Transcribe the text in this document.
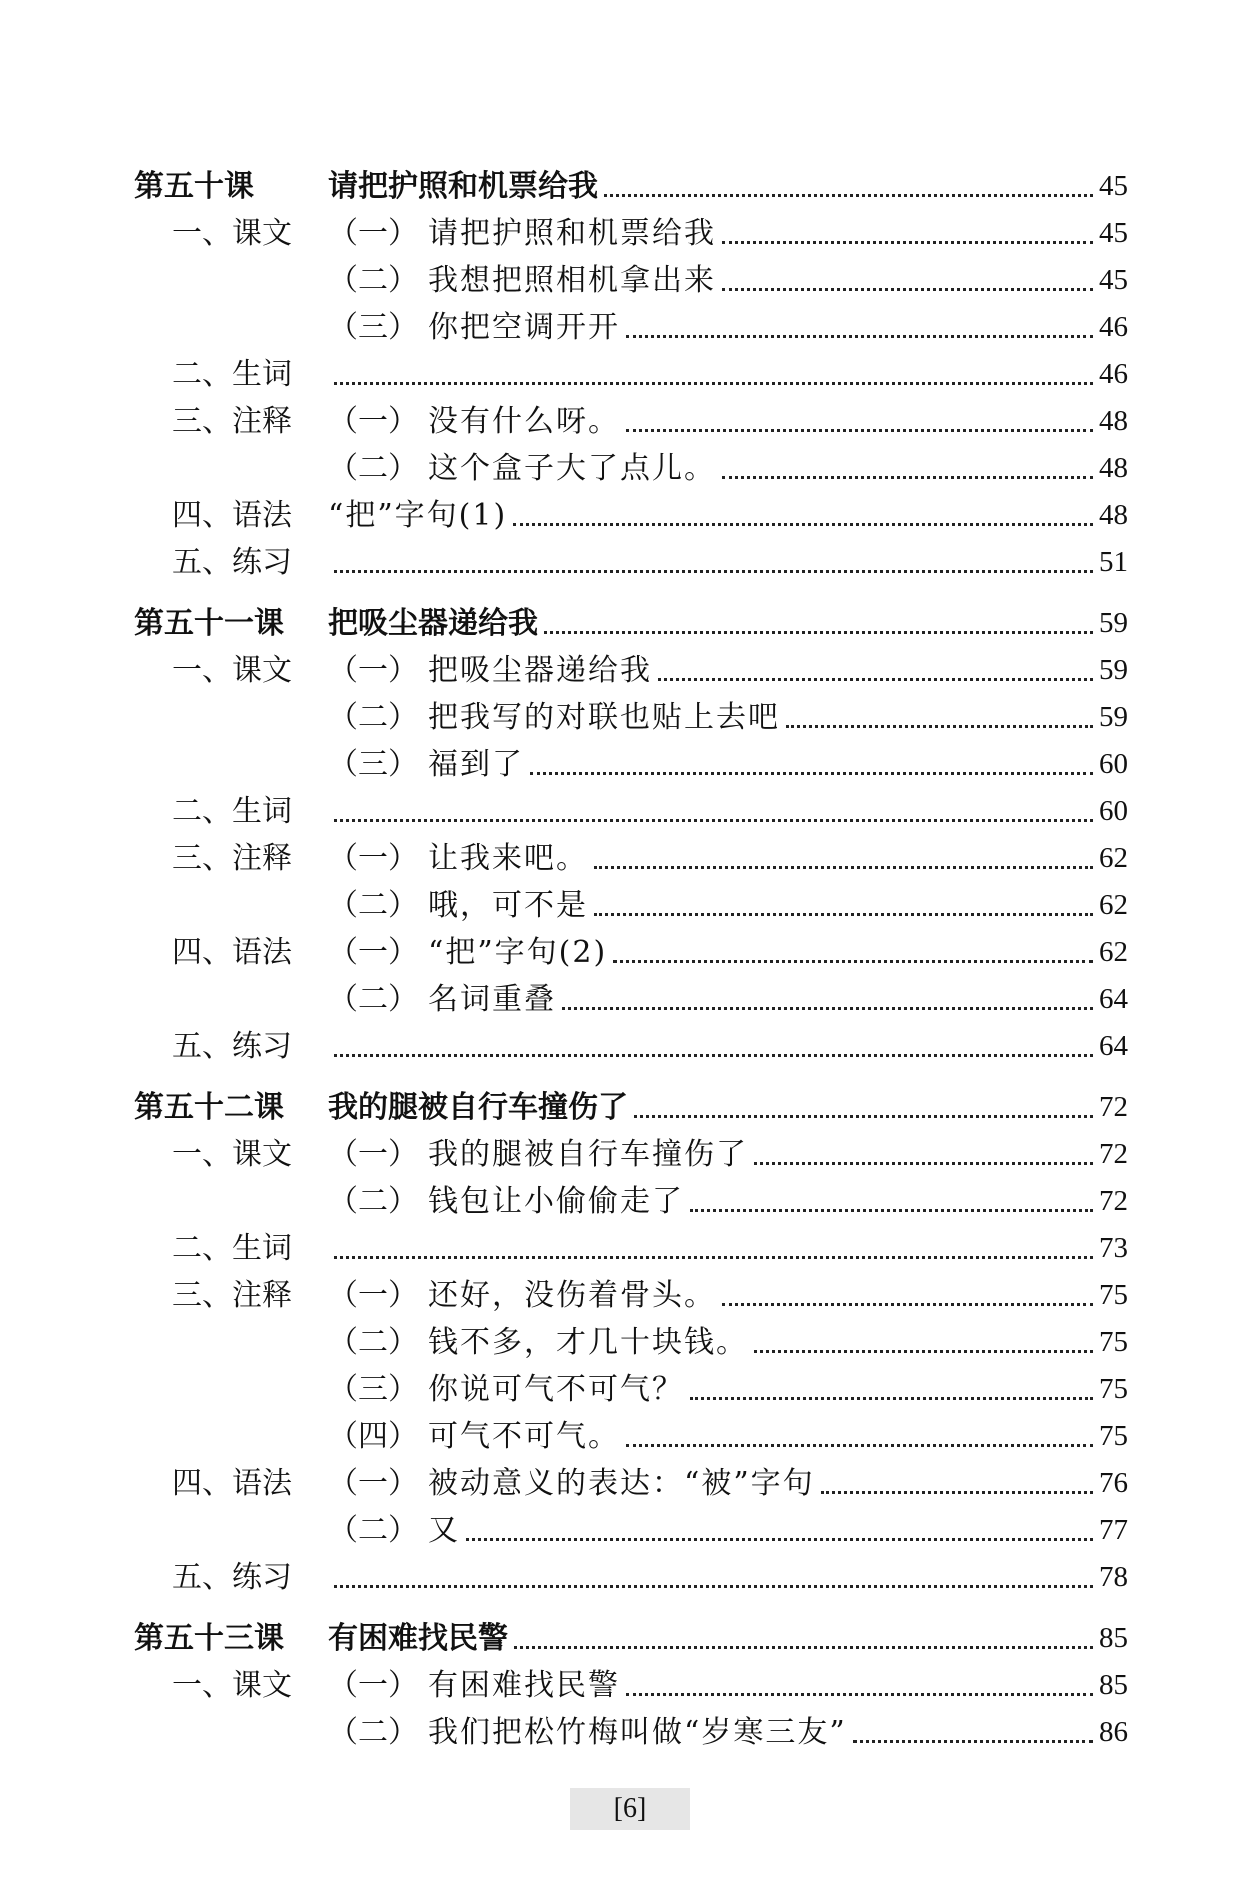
第五十课	请把护照和机票给我	45
一、课文	（一） 请把护照和机票给我	45
（二） 我想把照相机拿出来	45
（三） 你把空调开开	46
二、生词	46
三、注释	（一） 没有什么呀。	48
（二） 这个盒子大了点儿。	48
四、语法	“把”字句(1)	48
五、练习	51
第五十一课	把吸尘器递给我	59
一、课文	（一） 把吸尘器递给我	59
（二） 把我写的对联也贴上去吧	59
（三） 福到了	60
二、生词	60
三、注释	（一） 让我来吧。	62
（二） 哦，可不是	62
四、语法	（一） “把”字句(2)	62
（二） 名词重叠	64
五、练习	64
第五十二课	我的腿被自行车撞伤了	72
一、课文	（一） 我的腿被自行车撞伤了	72
（二） 钱包让小偷偷走了	72
二、生词	73
三、注释	（一） 还好，没伤着骨头。	75
（二） 钱不多，才几十块钱。	75
（三） 你说可气不可气？	75
（四） 可气不可气。	75
四、语法	（一） 被动意义的表达：“被”字句	76
（二） 又	77
五、练习	78
第五十三课	有困难找民警	85
一、课文	（一） 有困难找民警	85
（二） 我们把松竹梅叫做“岁寒三友”	86
[6]
